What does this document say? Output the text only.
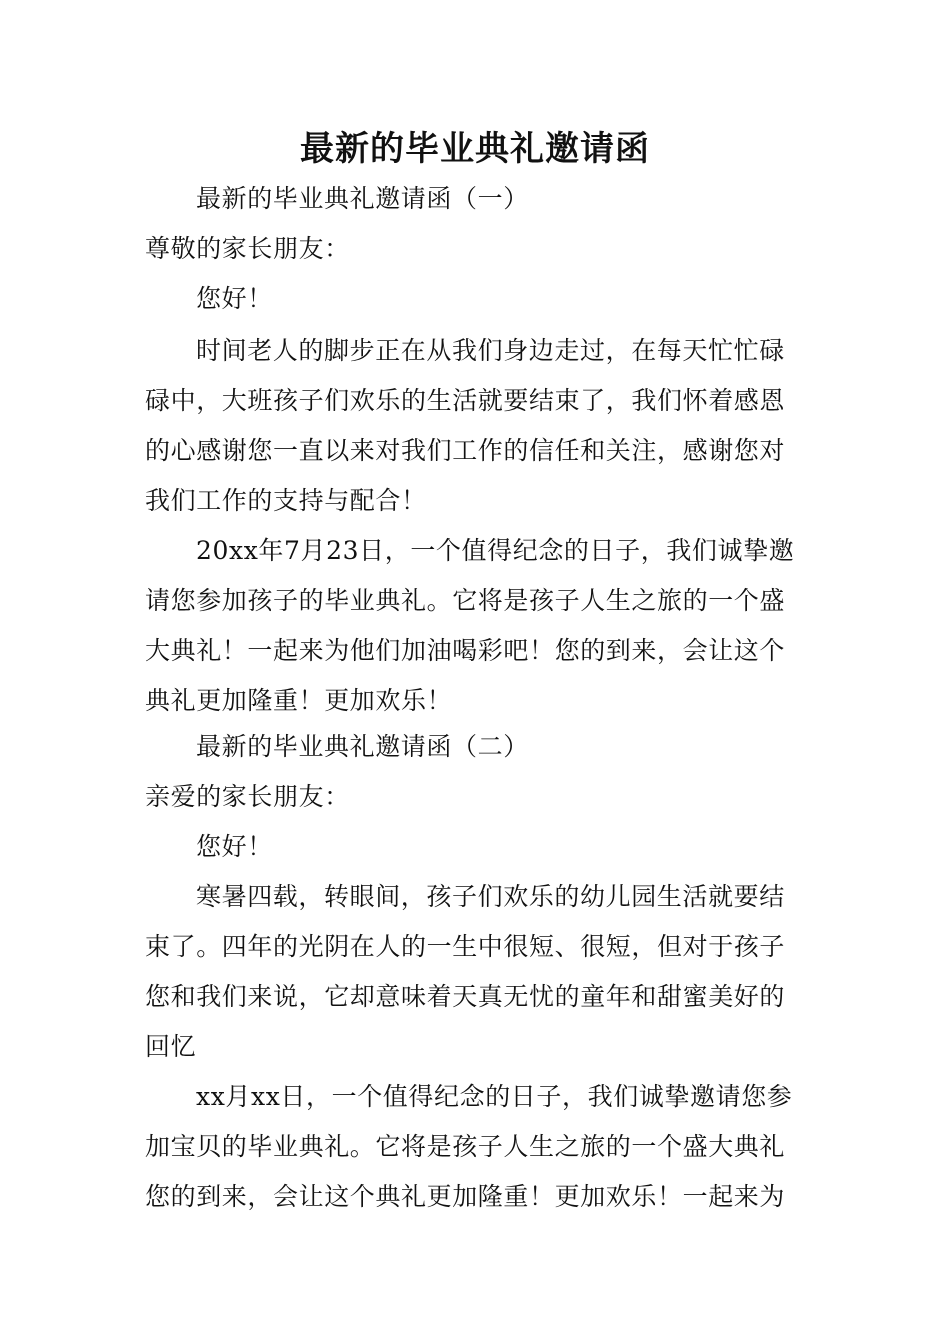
最新的毕业典礼邀请函
最新的毕业典礼邀请函（一）
尊敬的家长朋友：
您好！
时间老人的脚步正在从我们身边走过，在每天忙忙碌
碌中，大班孩子们欢乐的生活就要结束了，我们怀着感恩
的心感谢您一直以来对我们工作的信任和关注，感谢您对
我们工作的支持与配合！
20xx年7月23日，一个值得纪念的日子，我们诚挚邀
请您参加孩子的毕业典礼。它将是孩子人生之旅的一个盛
大典礼！一起来为他们加油喝彩吧！您的到来，会让这个
典礼更加隆重！更加欢乐！
最新的毕业典礼邀请函（二）
亲爱的家长朋友：
您好！
寒暑四载，转眼间，孩子们欢乐的幼儿园生活就要结
束了。四年的光阴在人的一生中很短、很短，但对于孩子
您和我们来说，它却意味着天真无忧的童年和甜蜜美好的
回忆
xx月xx日，一个值得纪念的日子，我们诚挚邀请您参
加宝贝的毕业典礼。它将是孩子人生之旅的一个盛大典礼
您的到来，会让这个典礼更加隆重！更加欢乐！一起来为
